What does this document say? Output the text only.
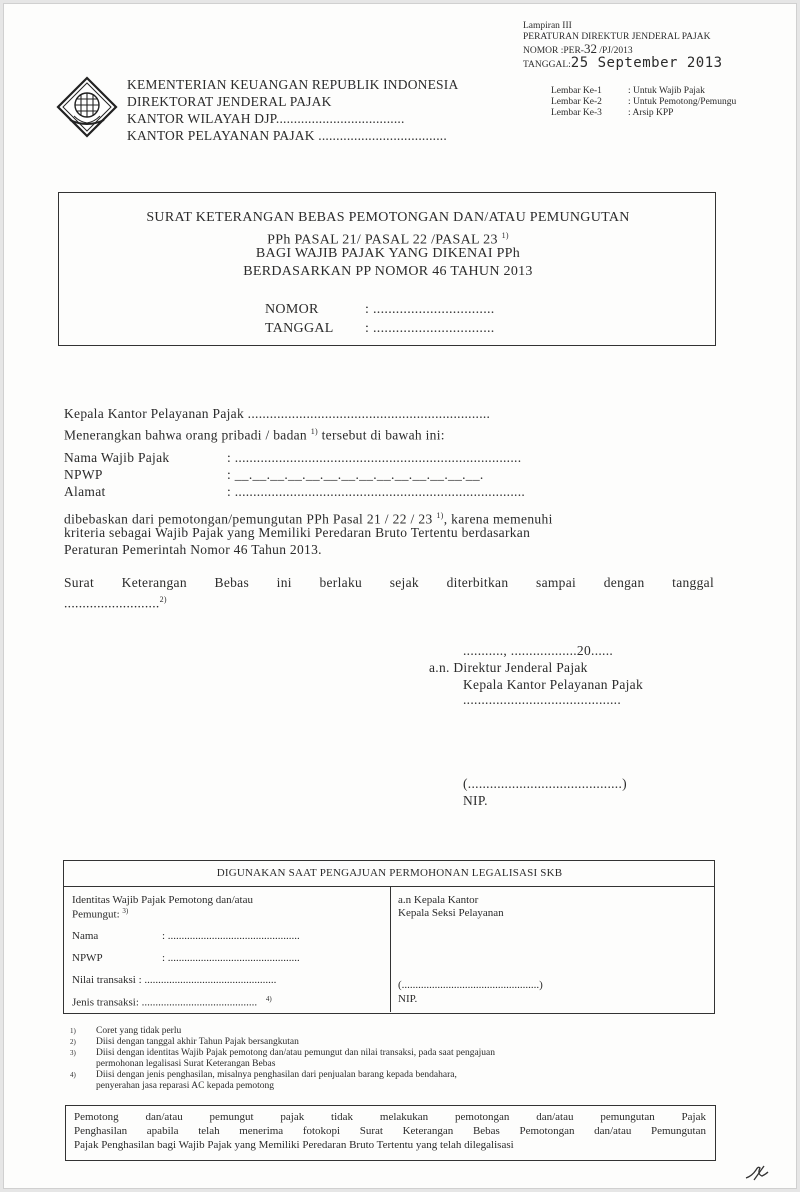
Lampiran III
PERATURAN DIREKTUR JENDERAL PAJAK
NOMOR :PER-32 /PJ/2013
TANGGAL:25 September 2013
Lembar Ke-1	: Untuk Wajib Pajak
Lembar Ke-2	: Untuk Pemotong/Pemungu
Lembar Ke-3	: Arsip KPP
KEMENTERIAN KEUANGAN REPUBLIK INDONESIA
DIREKTORAT JENDERAL PAJAK
KANTOR WILAYAH DJP....................................
KANTOR PELAYANAN PAJAK ....................................
SURAT KETERANGAN BEBAS PEMOTONGAN DAN/ATAU PEMUNGUTAN
PPh PASAL 21/ PASAL 22 /PASAL 23 $^{1)}$
BAGI WAJIB PAJAK YANG DIKENAI PPh
BERDASARKAN PP NOMOR 46 TAHUN 2013
NOMOR	: ................................
TANGGAL : ................................
Kepala Kantor Pelayanan Pajak ..................................................................
Menerangkan bahwa orang pribadi / badan $^{1)}$ tersebut di bawah ini:
Nama Wajib Pajak	: ..............................................................................
NPWP	: __.__.__.__.__.__.__.__.__.__.__.__.__.__.
Alamat	: ...............................................................................
dibebaskan dari pemotongan/pemungutan PPh Pasal 21 / 22 / 23 $^{1)}$, karena memenuhi
kriteria sebagai Wajib Pajak yang Memiliki Peredaran Bruto Tertentu berdasarkan
Peraturan Pemerintah Nomor 46 Tahun 2013.
Surat Keterangan Bebas ini berlaku sejak diterbitkan sampai dengan tanggal
..........................$^{2)}$
..........., ..................20......
a.n. Direktur Jenderal Pajak
Kepala Kantor Pelayanan Pajak
...........................................
(..........................................)
NIP.
DIGUNAKAN SAAT PENGAJUAN PERMOHONAN LEGALISASI SKB
Identitas Wajib Pajak Pemotong dan/atau
Pemungut: $^{3)}$
Nama	: ................................................
NPWP	: ................................................
Nilai transaksi : ................................................
Jenis transaksi: .......................................... $^{4)}$
a.n Kepala Kantor
Kepala Seksi Pelayanan
(..................................................)
NIP.
1) Coret yang tidak perlu
2) Diisi dengan tanggal akhir Tahun Pajak bersangkutan
3) Diisi dengan identitas Wajib Pajak pemotong dan/atau pemungut dan nilai transaksi, pada saat pengajuan
permohonan legalisasi Surat Keterangan Bebas
4) Diisi dengan jenis penghasilan, misalnya penghasilan dari penjualan barang kepada bendahara,
penyerahan jasa reparasi AC kepada pemotong
Pemotong dan/atau pemungut pajak tidak melakukan pemotongan dan/atau pemungutan Pajak
Penghasilan apabila telah menerima fotokopi Surat Keterangan Bebas Pemotongan dan/atau Pemungutan
Pajak Penghasilan bagi Wajib Pajak yang Memiliki Peredaran Bruto Tertentu yang telah dilegalisasi
